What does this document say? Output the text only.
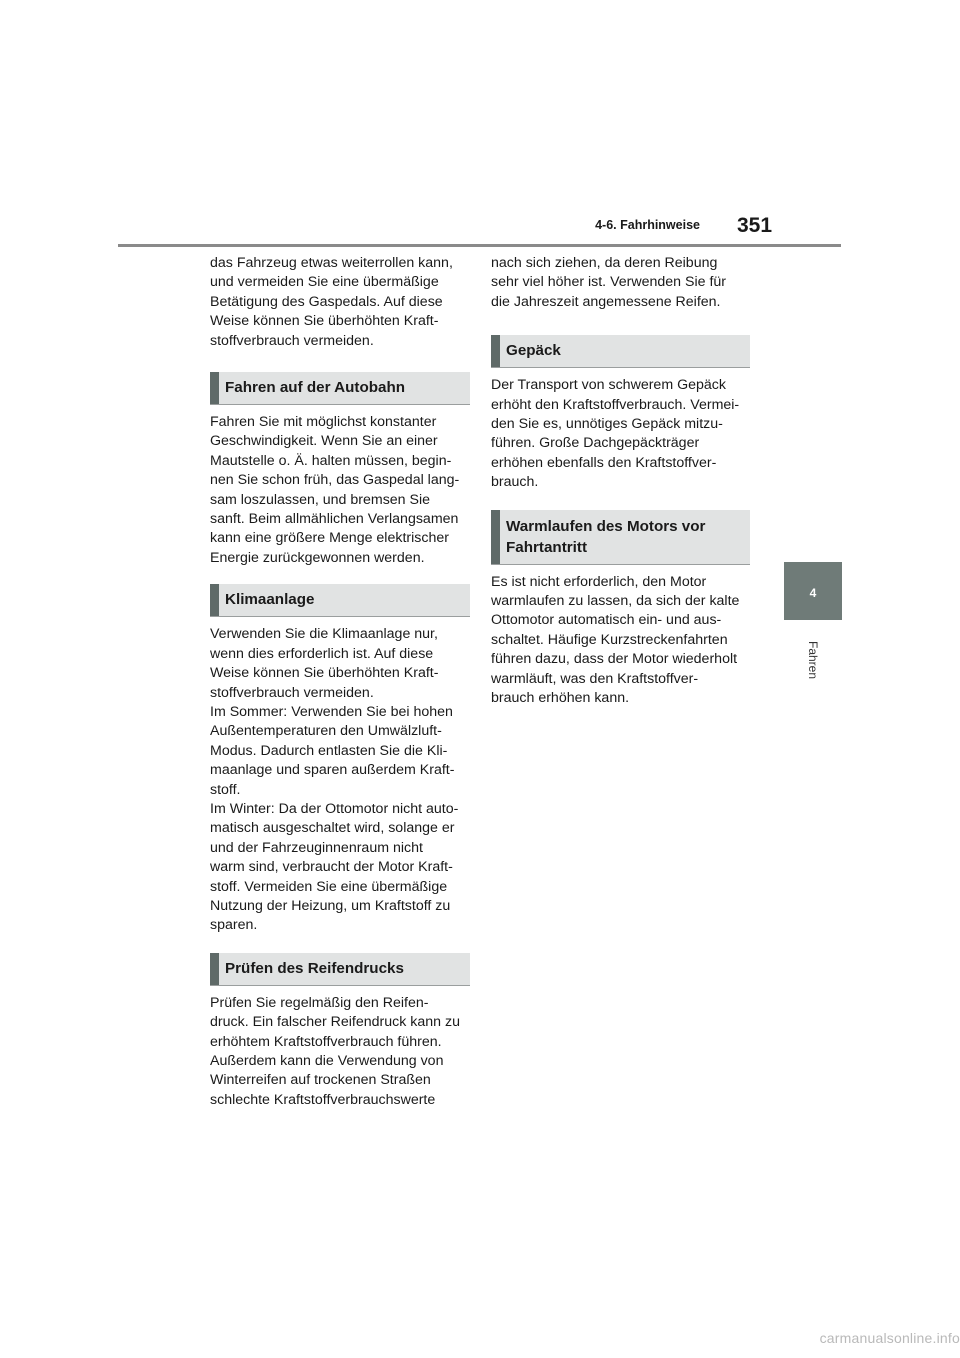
4-6. Fahrhinweise 351
4
Fahren

das Fahrzeug etwas weiterrollen kann,
und vermeiden Sie eine übermäßige
Betätigung des Gaspedals. Auf diese
Weise können Sie überhöhten Kraft-
stoffverbrauch vermeiden.

Fahren auf der Autobahn

Fahren Sie mit möglichst konstanter
Geschwindigkeit. Wenn Sie an einer
Mautstelle o. Ä. halten müssen, begin-
nen Sie schon früh, das Gaspedal lang-
sam loszulassen, und bremsen Sie
sanft. Beim allmählichen Verlangsamen
kann eine größere Menge elektrischer
Energie zurückgewonnen werden.

Klimaanlage

Verwenden Sie die Klimaanlage nur,
wenn dies erforderlich ist. Auf diese
Weise können Sie überhöhten Kraft-
stoffverbrauch vermeiden.
Im Sommer: Verwenden Sie bei hohen
Außentemperaturen den Umwälzluft-
Modus. Dadurch entlasten Sie die Kli-
maanlage und sparen außerdem Kraft-
stoff.
Im Winter: Da der Ottomotor nicht auto-
matisch ausgeschaltet wird, solange er
und der Fahrzeuginnenraum nicht
warm sind, verbraucht der Motor Kraft-
stoff. Vermeiden Sie eine übermäßige
Nutzung der Heizung, um Kraftstoff zu
sparen.

Prüfen des Reifendrucks

Prüfen Sie regelmäßig den Reifen-
druck. Ein falscher Reifendruck kann zu
erhöhtem Kraftstoffverbrauch führen.
Außerdem kann die Verwendung von
Winterreifen auf trockenen Straßen
schlechte Kraftstoffverbrauchswerte

nach sich ziehen, da deren Reibung
sehr viel höher ist. Verwenden Sie für
die Jahreszeit angemessene Reifen.

Gepäck

Der Transport von schwerem Gepäck
erhöht den Kraftstoffverbrauch. Vermei-
den Sie es, unnötiges Gepäck mitzu-
führen. Große Dachgepäckträger
erhöhen ebenfalls den Kraftstoffver-
brauch.

Warmlaufen des Motors vor
Fahrtantritt

Es ist nicht erforderlich, den Motor
warmlaufen zu lassen, da sich der kalte
Ottomotor automatisch ein- und aus-
schaltet. Häufige Kurzstreckenfahrten
führen dazu, dass der Motor wiederholt
warmläuft, was den Kraftstoffver-
brauch erhöhen kann.

carmanualsonline.info
